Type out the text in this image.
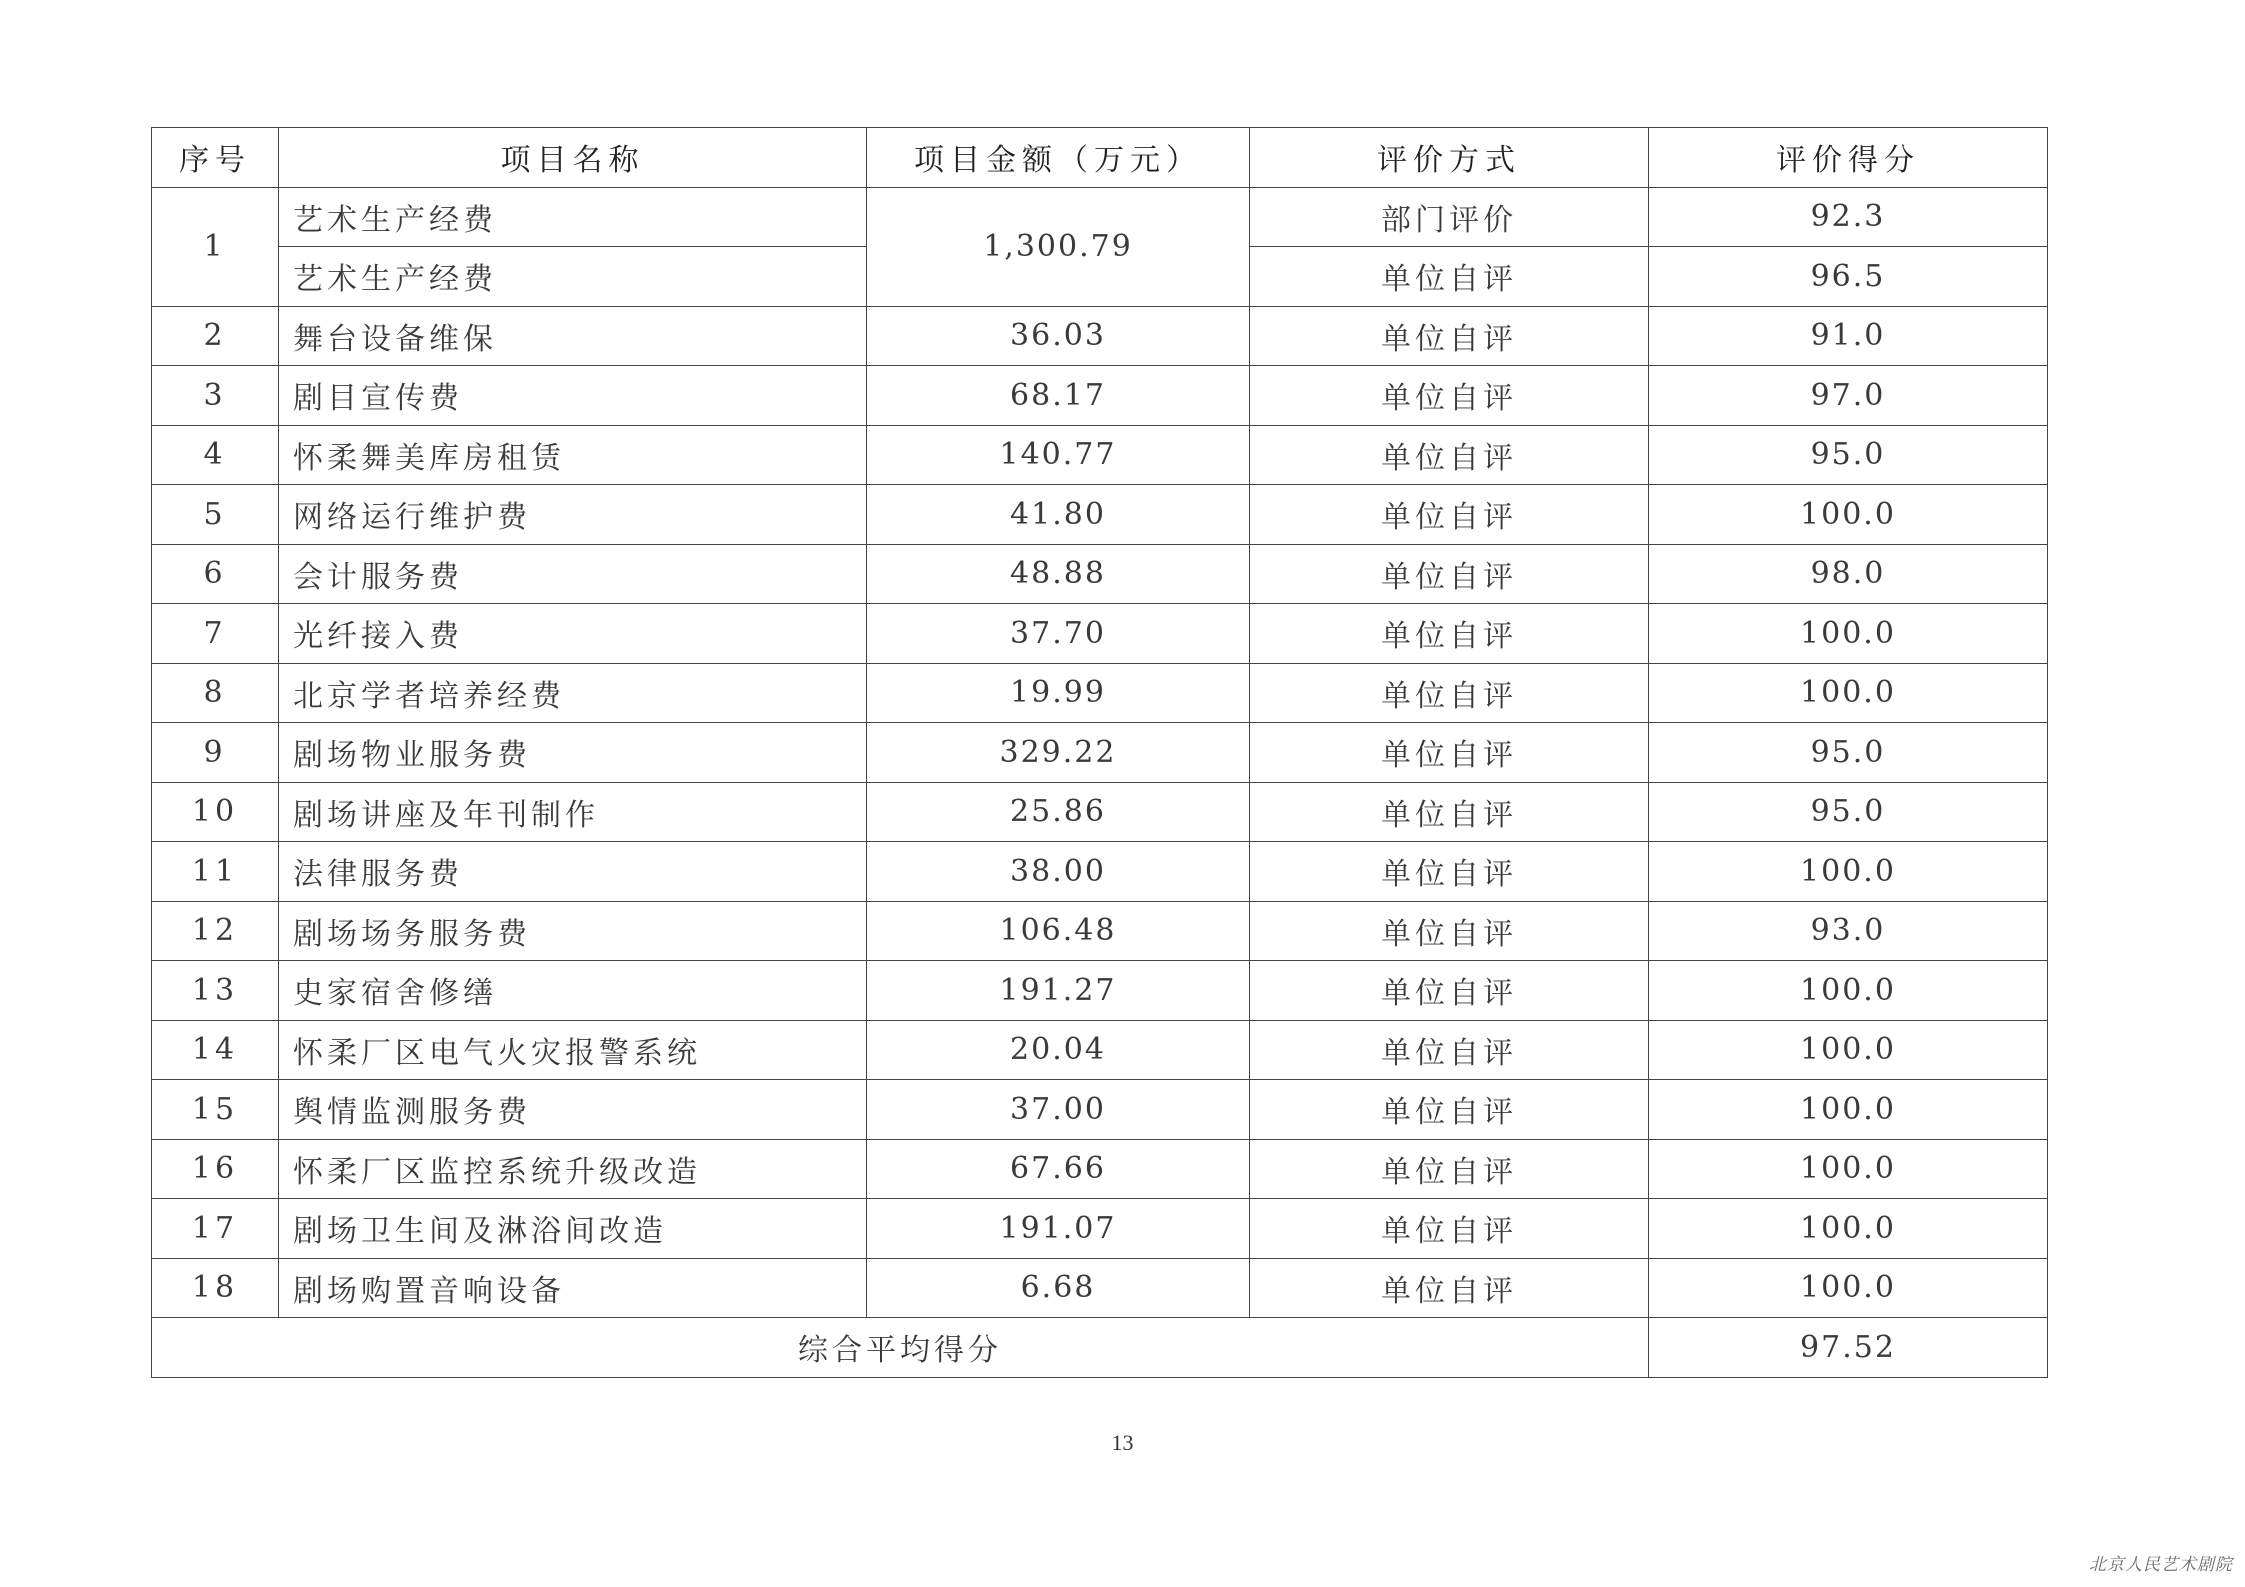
序号	项目名称	项目金额（万元）	评价方式	评价得分
1	艺术生产经费	1,300.79	部门评价	92.3
	艺术生产经费		单位自评	96.5
2	舞台设备维保	36.03	单位自评	91.0
3	剧目宣传费	68.17	单位自评	97.0
4	怀柔舞美库房租赁	140.77	单位自评	95.0
5	网络运行维护费	41.80	单位自评	100.0
6	会计服务费	48.88	单位自评	98.0
7	光纤接入费	37.70	单位自评	100.0
8	北京学者培养经费	19.99	单位自评	100.0
9	剧场物业服务费	329.22	单位自评	95.0
10	剧场讲座及年刊制作	25.86	单位自评	95.0
11	法律服务费	38.00	单位自评	100.0
12	剧场场务服务费	106.48	单位自评	93.0
13	史家宿舍修缮	191.27	单位自评	100.0
14	怀柔厂区电气火灾报警系统	20.04	单位自评	100.0
15	舆情监测服务费	37.00	单位自评	100.0
16	怀柔厂区监控系统升级改造	67.66	单位自评	100.0
17	剧场卫生间及淋浴间改造	191.07	单位自评	100.0
18	剧场购置音响设备	6.68	单位自评	100.0
综合平均得分				97.52
13
北京人民艺术剧院
